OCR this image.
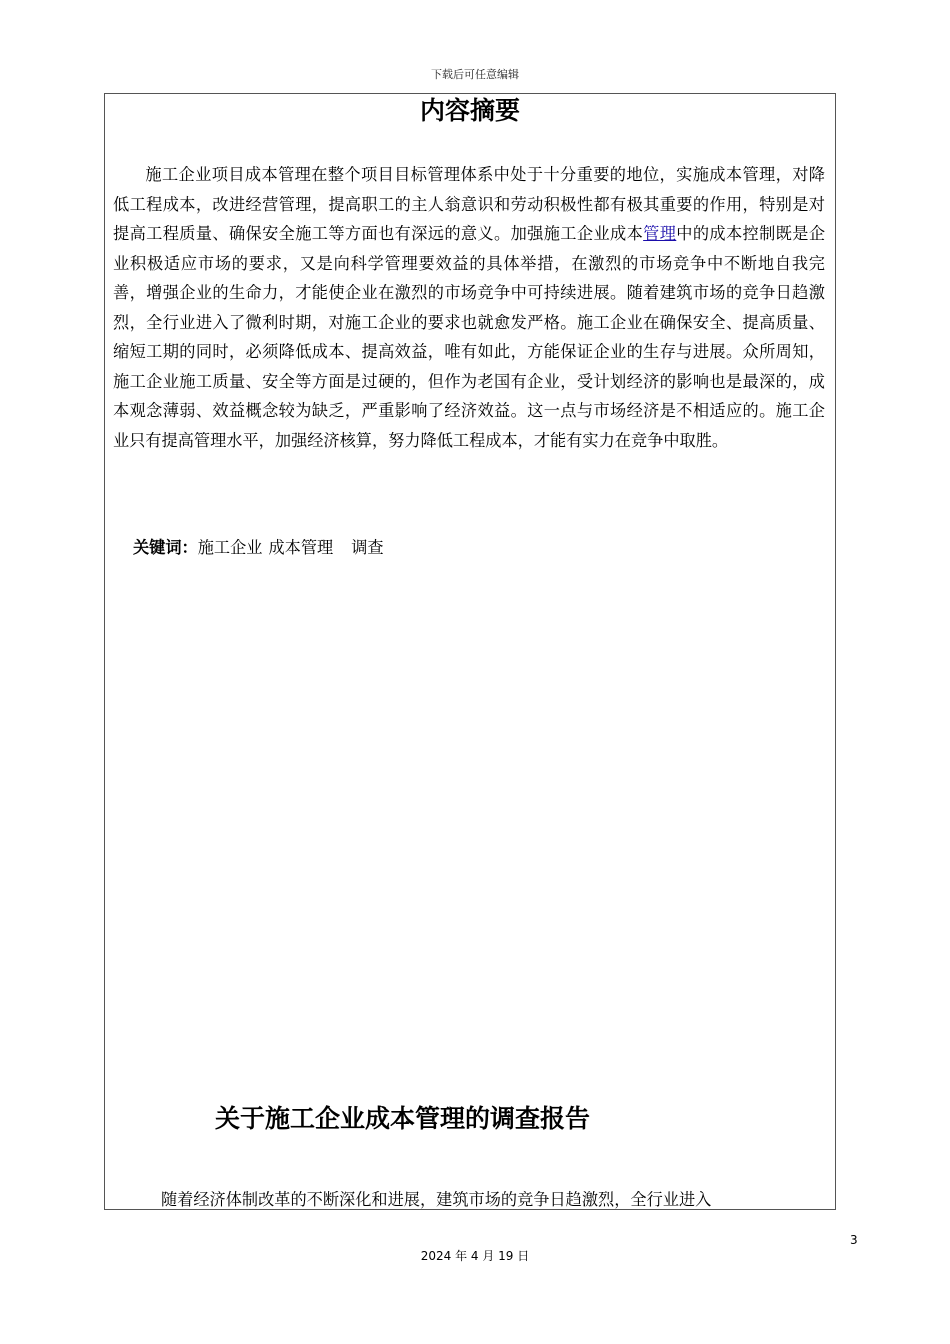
下载后可任意编辑
内容摘要

施工企业项目成本管理在整个项目目标管理体系中处于十分重要的地位，实施成本管理，对降低工程成本，改进经营管理，提高职工的主人翁意识和劳动积极性都有极其重要的作用，特别是对提高工程质量、确保安全施工等方面也有深远的意义。加强施工企业成本管理中的成本控制既是企业积极适应市场的要求，又是向科学管理要效益的具体举措，在激烈的市场竞争中不断地自我完善，增强企业的生命力，才能使企业在激烈的市场竞争中可持续进展。随着建筑市场的竞争日趋激烈，全行业进入了微利时期，对施工企业的要求也就愈发严格。施工企业在确保安全、提高质量、缩短工期的同时，必须降低成本、提高效益，唯有如此，方能保证企业的生存与进展。众所周知，施工企业施工质量、安全等方面是过硬的，但作为老国有企业，受计划经济的影响也是最深的，成本观念薄弱、效益概念较为缺乏，严重影响了经济效益。这一点与市场经济是不相适应的。施工企业只有提高管理水平，加强经济核算，努力降低工程成本，才能有实力在竞争中取胜。

关键词：施工企业 成本管理 调查
关于施工企业成本管理的调查报告
随着经济体制改革的不断深化和进展，建筑市场的竞争日趋激烈，全行业进入
3
2024 年 4 月 19 日
